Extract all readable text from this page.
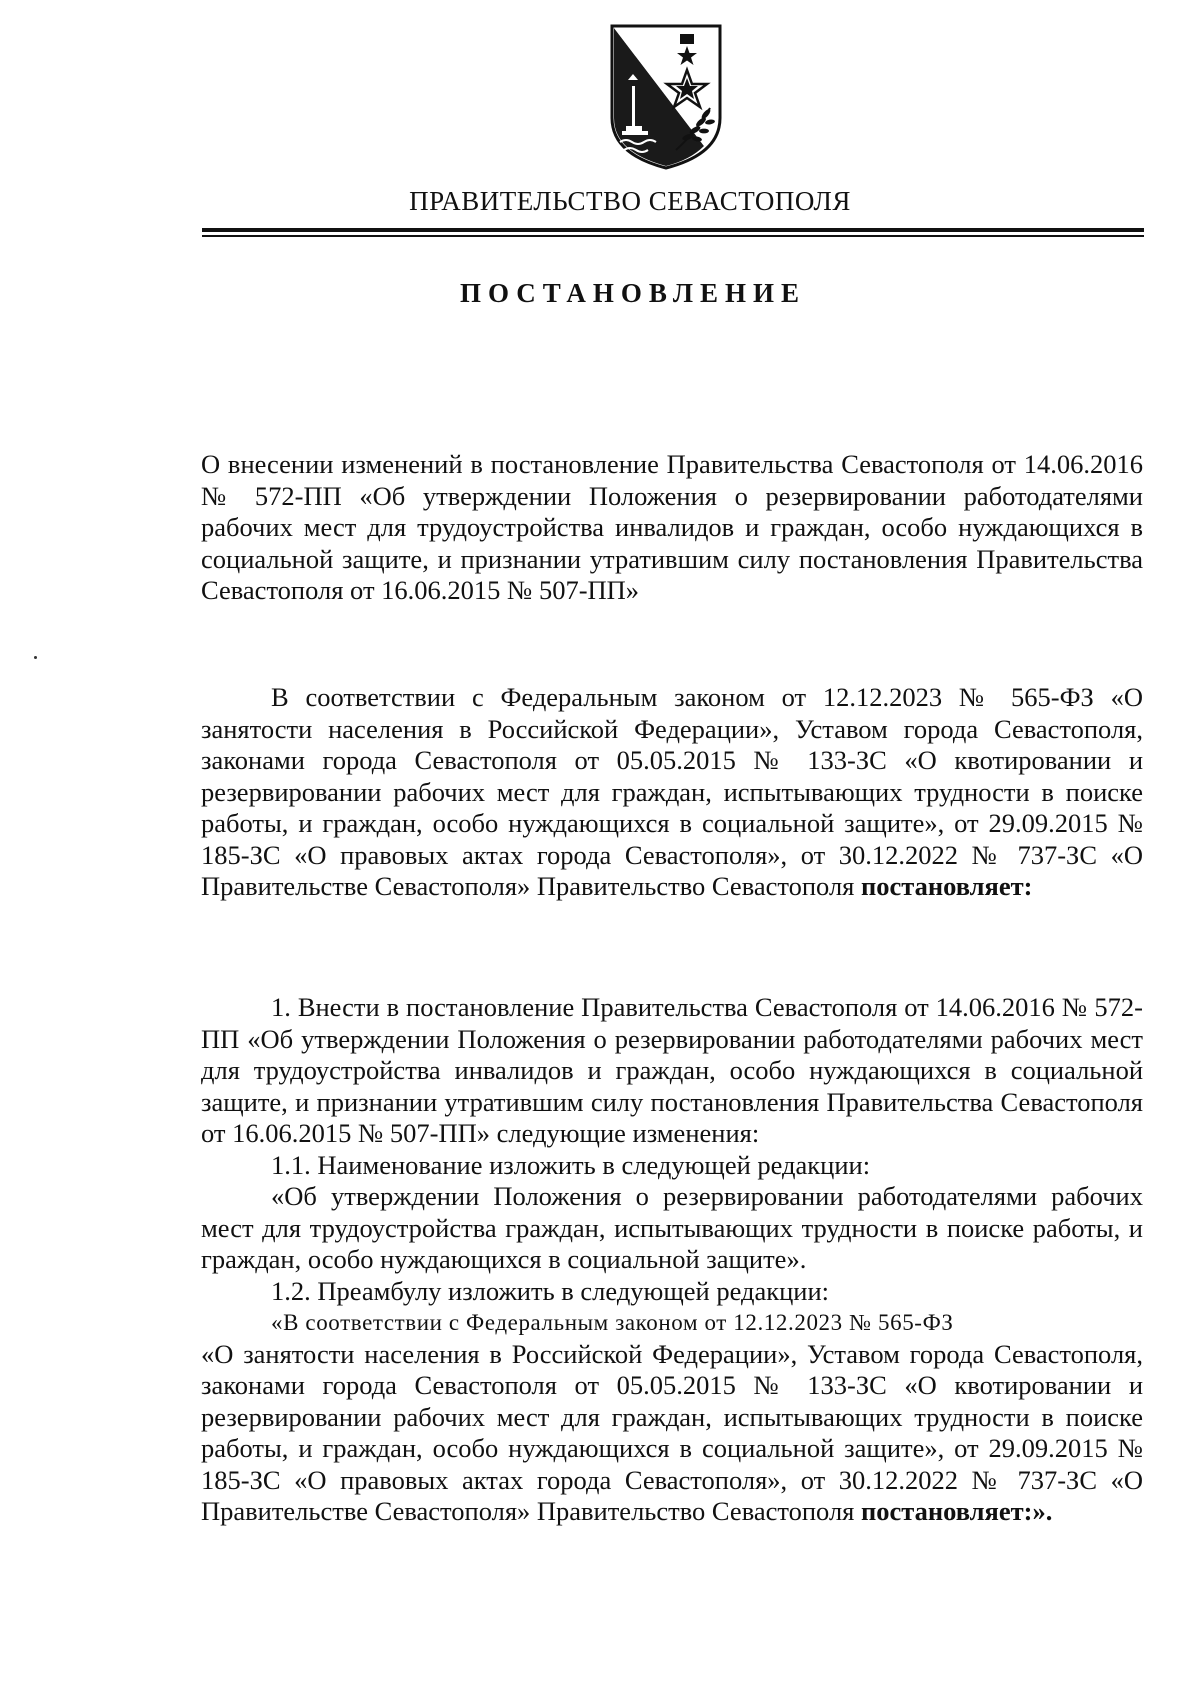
ПРАВИТЕЛЬСТВО СЕВАСТОПОЛЯ
ПОСТАНОВЛЕНИЕ

О внесении изменений в постановление Правительства Севастополя от 14.06.2016 № 572-ПП «Об утверждении Положения о резервировании работодателями рабочих мест для трудоустройства инвалидов и граждан, особо нуждающихся в социальной защите, и признании утратившим силу постановления Правительства Севастополя от 16.06.2015 № 507-ПП»

В соответствии с Федеральным законом от 12.12.2023 № 565-ФЗ «О занятости населения в Российской Федерации», Уставом города Севастополя, законами города Севастополя от 05.05.2015 № 133-ЗС «О квотировании и резервировании рабочих мест для граждан, испытывающих трудности в поиске работы, и граждан, особо нуждающихся в социальной защите», от 29.09.2015 № 185-ЗС «О правовых актах города Севастополя», от 30.12.2022 № 737-ЗС «О Правительстве Севастополя» Правительство Севастополя постановляет:

1. Внести в постановление Правительства Севастополя от 14.06.2016 № 572-ПП «Об утверждении Положения о резервировании работодателями рабочих мест для трудоустройства инвалидов и граждан, особо нуждающихся в социальной защите, и признании утратившим силу постановления Правительства Севастополя от 16.06.2015 № 507-ПП» следующие изменения:

1.1. Наименование изложить в следующей редакции:

«Об утверждении Положения о резервировании работодателями рабочих мест для трудоустройства граждан, испытывающих трудности в поиске работы, и граждан, особо нуждающихся в социальной защите».

1.2. Преамбулу изложить в следующей редакции:

«В соответствии с Федеральным законом от 12.12.2023 № 565-ФЗ

«О занятости населения в Российской Федерации», Уставом города Севастополя, законами города Севастополя от 05.05.2015 № 133-ЗС «О квотировании и резервировании рабочих мест для граждан, испытывающих трудности в поиске работы, и граждан, особо нуждающихся в социальной защите», от 29.09.2015 № 185-ЗС «О правовых актах города Севастополя», от 30.12.2022 № 737-ЗС «О Правительстве Севастополя» Правительство Севастополя постановляет:».
